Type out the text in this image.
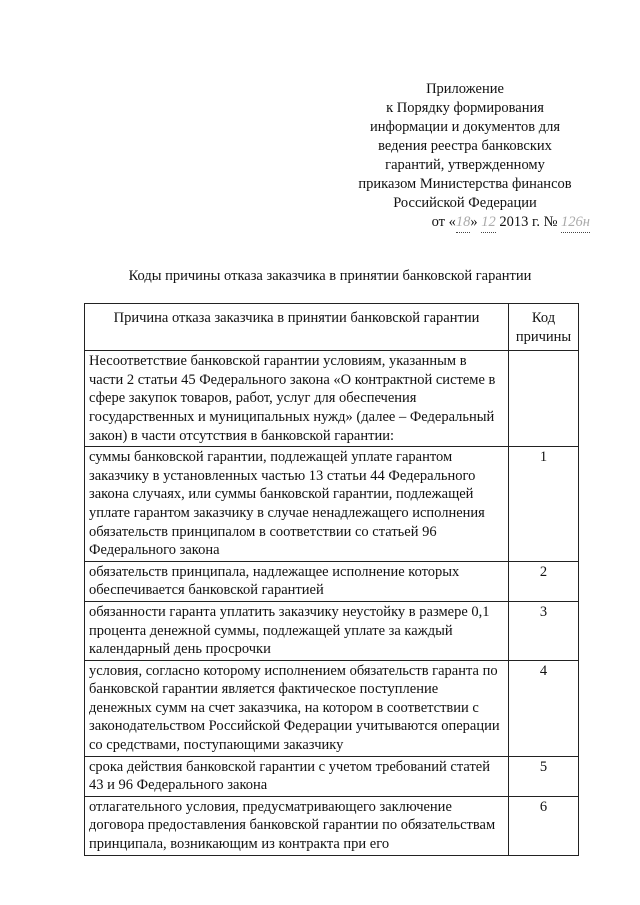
Приложение
к Порядку формирования
информации и документов для
ведения реестра банковских
гарантий, утвержденному
приказом Министерства финансов
Российской Федерации
от «18» 12 2013 г. № 126н
Коды причины отказа заказчика в принятии банковской гарантии
Причина отказа заказчика в принятии банковской гарантии	Код причины
Несоответствие банковской гарантии условиям, указанным в части 2 статьи 45 Федерального закона «О контрактной системе в сфере закупок товаров, работ, услуг для обеспечения государственных и муниципальных нужд» (далее – Федеральный закон) в части отсутствия в банковской гарантии:	
суммы банковской гарантии, подлежащей уплате гарантом заказчику в установленных частью 13 статьи 44 Федерального закона случаях, или суммы банковской гарантии, подлежащей уплате гарантом заказчику в случае ненадлежащего исполнения обязательств принципалом в соответствии со статьей 96 Федерального закона	1
обязательств принципала, надлежащее исполнение которых обеспечивается банковской гарантией	2
обязанности гаранта уплатить заказчику неустойку в размере 0,1 процента денежной суммы, подлежащей уплате за каждый календарный день просрочки	3
условия, согласно которому исполнением обязательств гаранта по банковской гарантии является фактическое поступление денежных сумм на счет заказчика, на котором в соответствии с законодательством Российской Федерации учитываются операции со средствами, поступающими заказчику	4
срока действия банковской гарантии с учетом требований статей 43 и 96 Федерального закона	5
отлагательного условия, предусматривающего заключение договора предоставления банковской гарантии по обязательствам принципала, возникающим из контракта при его	6
